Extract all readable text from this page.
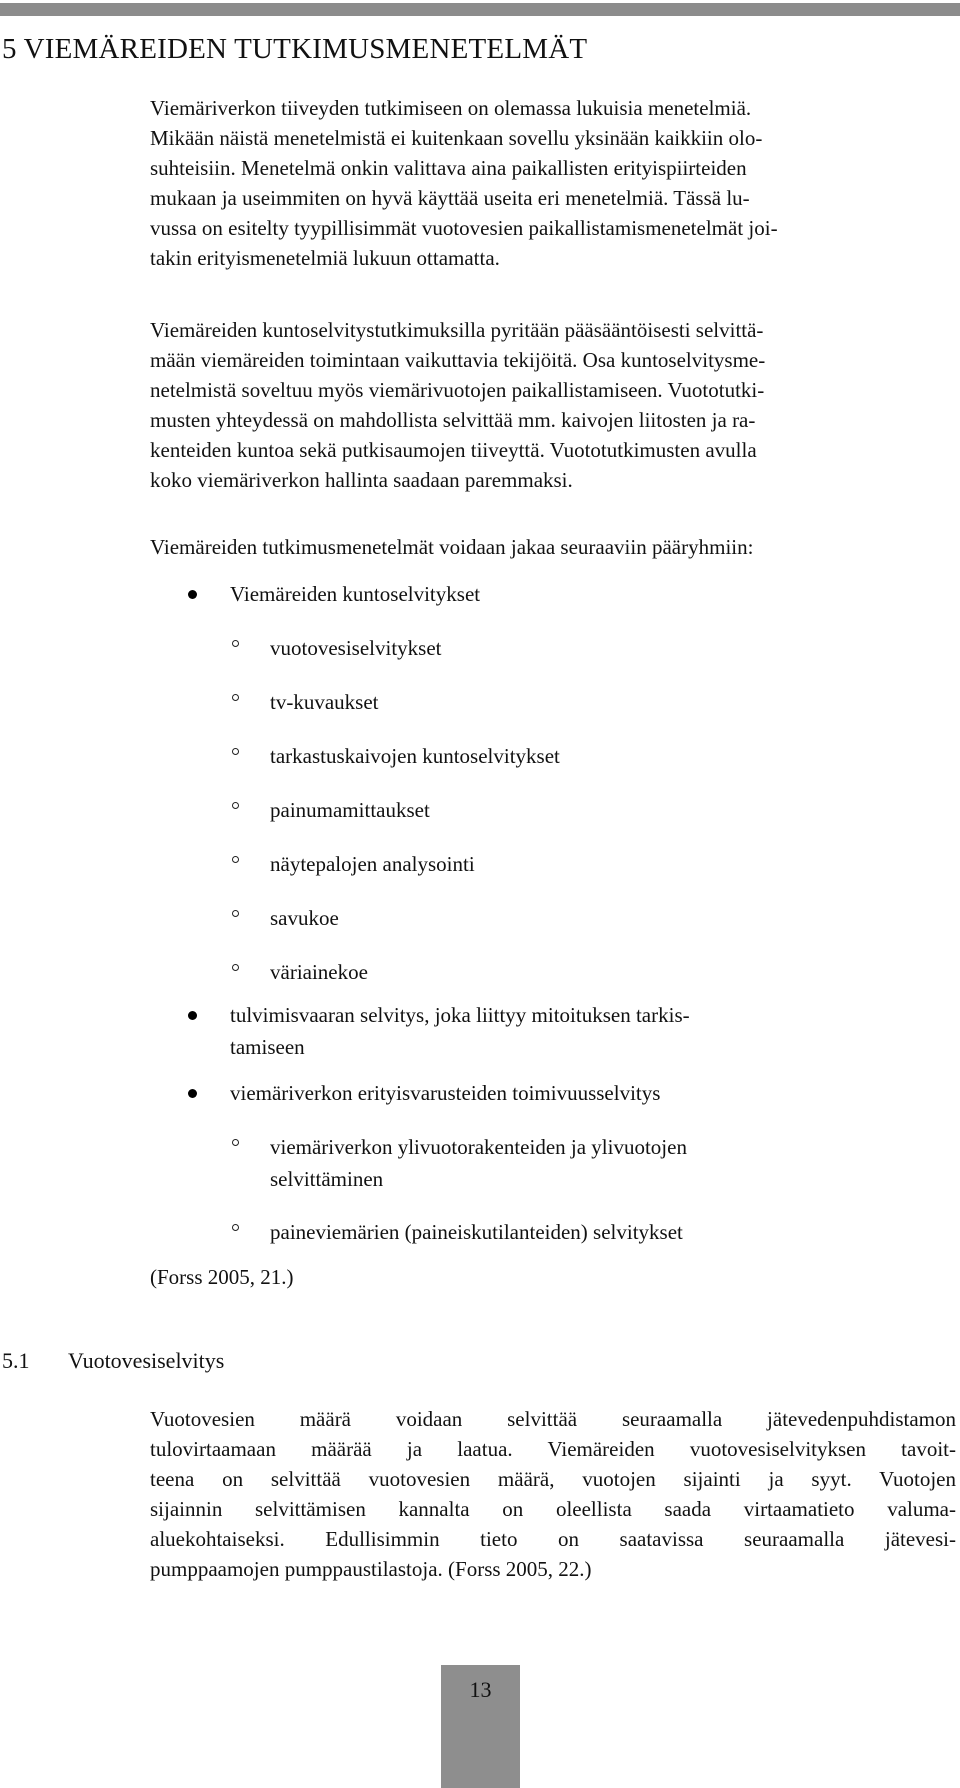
5 VIEMÄREIDEN TUTKIMUSMENETELMÄT

Viemäriverkon tiiveyden tutkimiseen on olemassa lukuisia menetelmiä.
Mikään näistä menetelmistä ei kuitenkaan sovellu yksinään kaikkiin olo-
suhteisiin. Menetelmä onkin valittava aina paikallisten erityispiirteiden
mukaan ja useimmiten on hyvä käyttää useita eri menetelmiä. Tässä lu-
vussa on esitelty tyypillisimmät vuotovesien paikallistamismenetelmät joi-
takin erityismenetelmiä lukuun ottamatta.

Viemäreiden kuntoselvitystutkimuksilla pyritään pääsääntöisesti selvittä-
mään viemäreiden toimintaan vaikuttavia tekijöitä. Osa kuntoselvitysme-
netelmistä soveltuu myös viemärivuotojen paikallistamiseen. Vuototutki-
musten yhteydessä on mahdollista selvittää mm. kaivojen liitosten ja ra-
kenteiden kuntoa sekä putkisaumojen tiiveyttä. Vuototutkimusten avulla
koko viemäriverkon hallinta saadaan paremmaksi.

Viemäreiden tutkimusmenetelmät voidaan jakaa seuraaviin pääryhmiin:

Viemäreiden kuntoselvitykset
vuotovesiselvitykset
tv-kuvaukset
tarkastuskaivojen kuntoselvitykset
painumamittaukset
näytepalojen analysointi
savukoe
väriainekoe
tulvimisvaaran selvitys, joka liittyy mitoituksen tarkis-
tamiseen
viemäriverkon erityisvarusteiden toimivuusselvitys
viemäriverkon ylivuotorakenteiden ja ylivuotojen
selvittäminen
paineviemärien (paineiskutilanteiden) selvitykset

(Forss 2005, 21.)

5.1 Vuotovesiselvitys

Vuotovesien määrä voidaan selvittää seuraamalla jätevedenpuhdistamon
tulovirtaamaan määrää ja laatua. Viemäreiden vuotovesiselvityksen tavoit-
teena on selvittää vuotovesien määrä, vuotojen sijainti ja syyt. Vuotojen
sijainnin selvittämisen kannalta on oleellista saada virtaamatieto valuma-
aluekohtaiseksi. Edullisimmin tieto on saatavissa seuraamalla jätevesi-
pumppaamojen pumppaustilastoja. (Forss 2005, 22.)

13
